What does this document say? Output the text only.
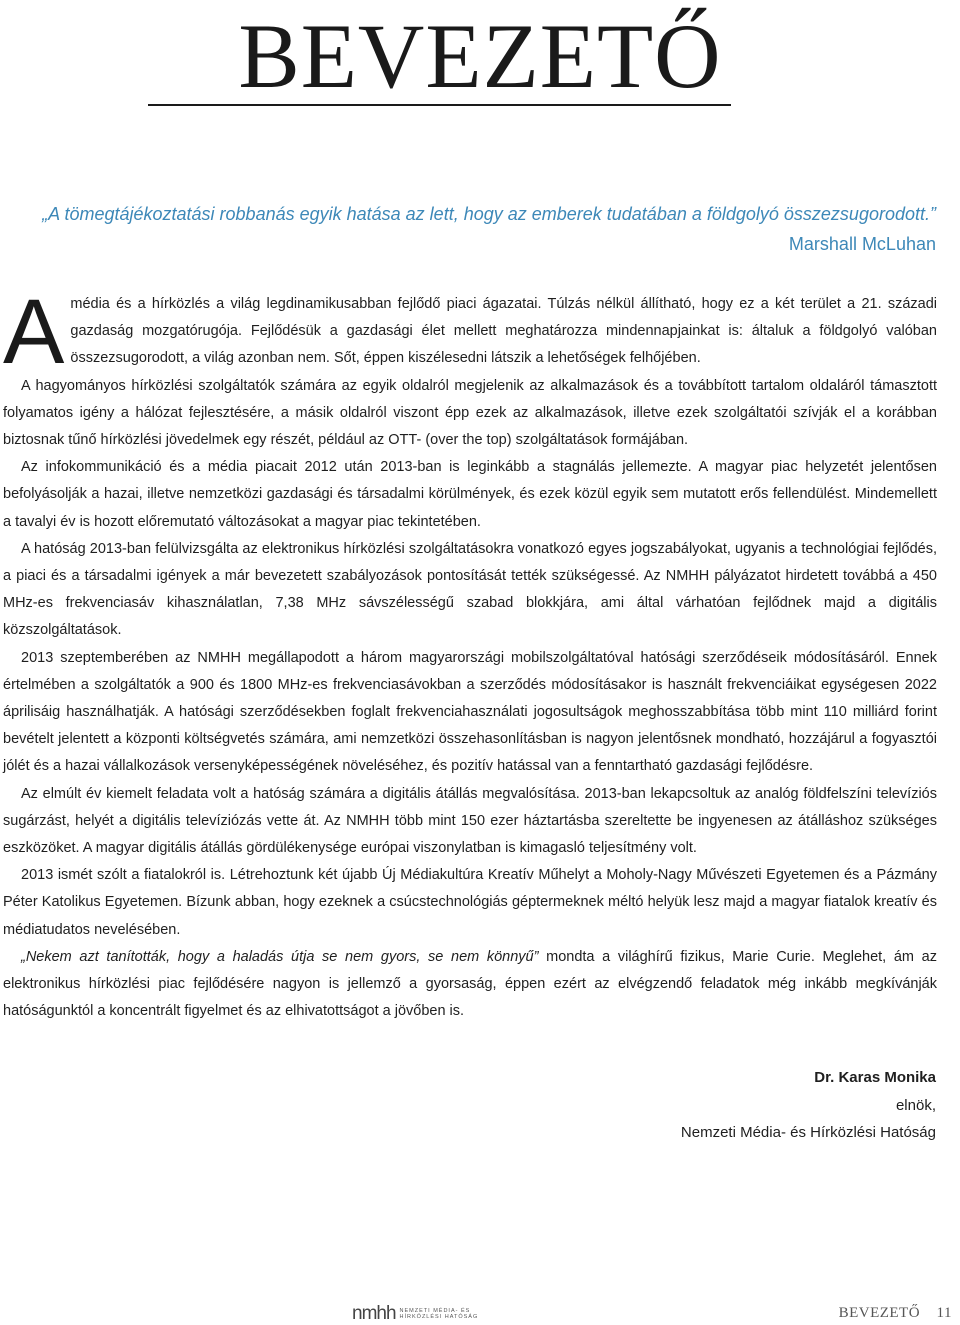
BEVEZETŐ
„A tömegtájékoztatási robbanás egyik hatása az lett, hogy az emberek tudatában a földgolyó összezsugorodott.”
Marshall McLuhan

Amédia és a hírközlés a világ legdinamikusabban fejlődő piaci ágazatai. Túlzás nélkül állítható, hogy ez a két terület a 21. századi gazdaság mozgatórugója. Fejlődésük a gazdasági élet mellett meghatározza mindennapjainkat is: általuk a földgolyó valóban összezsugorodott, a világ azonban nem. Sőt, éppen kiszélesedni látszik a lehetőségek felhőjében.

A hagyományos hírközlési szolgáltatók számára az egyik oldalról megjelenik az alkalmazások és a továbbított tartalom oldaláról támasztott folyamatos igény a hálózat fejlesztésére, a másik oldalról viszont épp ezek az alkalmazások, illetve ezek szolgáltatói szívják el a korábban biztosnak tűnő hírközlési jövedelmek egy részét, például az OTT- (over the top) szolgáltatások formájában.

Az infokommunikáció és a média piacait 2012 után 2013-ban is leginkább a stagnálás jellemezte. A magyar piac helyzetét jelentősen befolyásolják a hazai, illetve nemzetközi gazdasági és társadalmi körülmények, és ezek közül egyik sem mutatott erős fellendülést. Mindemellett a tavalyi év is hozott előremutató változásokat a magyar piac tekintetében.

A hatóság 2013-ban felülvizsgálta az elektronikus hírközlési szolgáltatásokra vonatkozó egyes jogszabályokat, ugyanis a technológiai fejlődés, a piaci és a társadalmi igények a már bevezetett szabályozások pontosítását tették szükségessé. Az NMHH pályázatot hirdetett továbbá a 450 MHz-es frekvenciasáv kihasználatlan, 7,38 MHz sávszélességű szabad blokkjára, ami által várhatóan fejlődnek majd a digitális közszolgáltatások.

2013 szeptemberében az NMHH megállapodott a három magyarországi mobilszolgáltatóval hatósági szerződéseik módosításáról. Ennek értelmében a szolgáltatók a 900 és 1800 MHz-es frekvenciasávokban a szerződés módosításakor is használt frekvenciáikat egységesen 2022 áprilisáig használhatják. A hatósági szerződésekben foglalt frekvenciahasználati jogosultságok meghosszabbítása több mint 110 milliárd forint bevételt jelentett a központi költségvetés számára, ami nemzetközi összehasonlításban is nagyon jelentősnek mondható, hozzájárul a fogyasztói jólét és a hazai vállalkozások versenyképességének növeléséhez, és pozitív hatással van a fenntartható gazdasági fejlődésre.

Az elmúlt év kiemelt feladata volt a hatóság számára a digitális átállás megvalósítása. 2013-ban lekapcsoltuk az analóg földfelszíni televíziós sugárzást, helyét a digitális televíziózás vette át. Az NMHH több mint 150 ezer háztartásba szereltette be ingyenesen az átálláshoz szükséges eszközöket. A magyar digitális átállás gördülékenysége európai viszonylatban is kimagasló teljesítmény volt.

2013 ismét szólt a fiatalokról is. Létrehoztunk két újabb Új Médiakultúra Kreatív Műhelyt a Moholy-Nagy Művészeti Egyetemen és a Pázmány Péter Katolikus Egyetemen. Bízunk abban, hogy ezeknek a csúcstechnológiás géptermeknek méltó helyük lesz majd a magyar fiatalok kreatív és médiatudatos nevelésében.

„Nekem azt tanították, hogy a haladás útja se nem gyors, se nem könnyű” mondta a világhírű fizikus, Marie Curie. Meglehet, ám az elektronikus hírközlési piac fejlődésére nagyon is jellemző a gyorsaság, éppen ezért az elvégzendő feladatok még inkább megkívánják hatóságunktól a koncentrált figyelmet és az elhivatottságot a jövőben is.

Dr. Karas Monika
elnök,
Nemzeti Média- és Hírközlési Hatóság
nmhh NEMZETI MÉDIA- ÉS
HÍRKÖZLÉSI HATÓSÁG	BEVEZETŐ 11
